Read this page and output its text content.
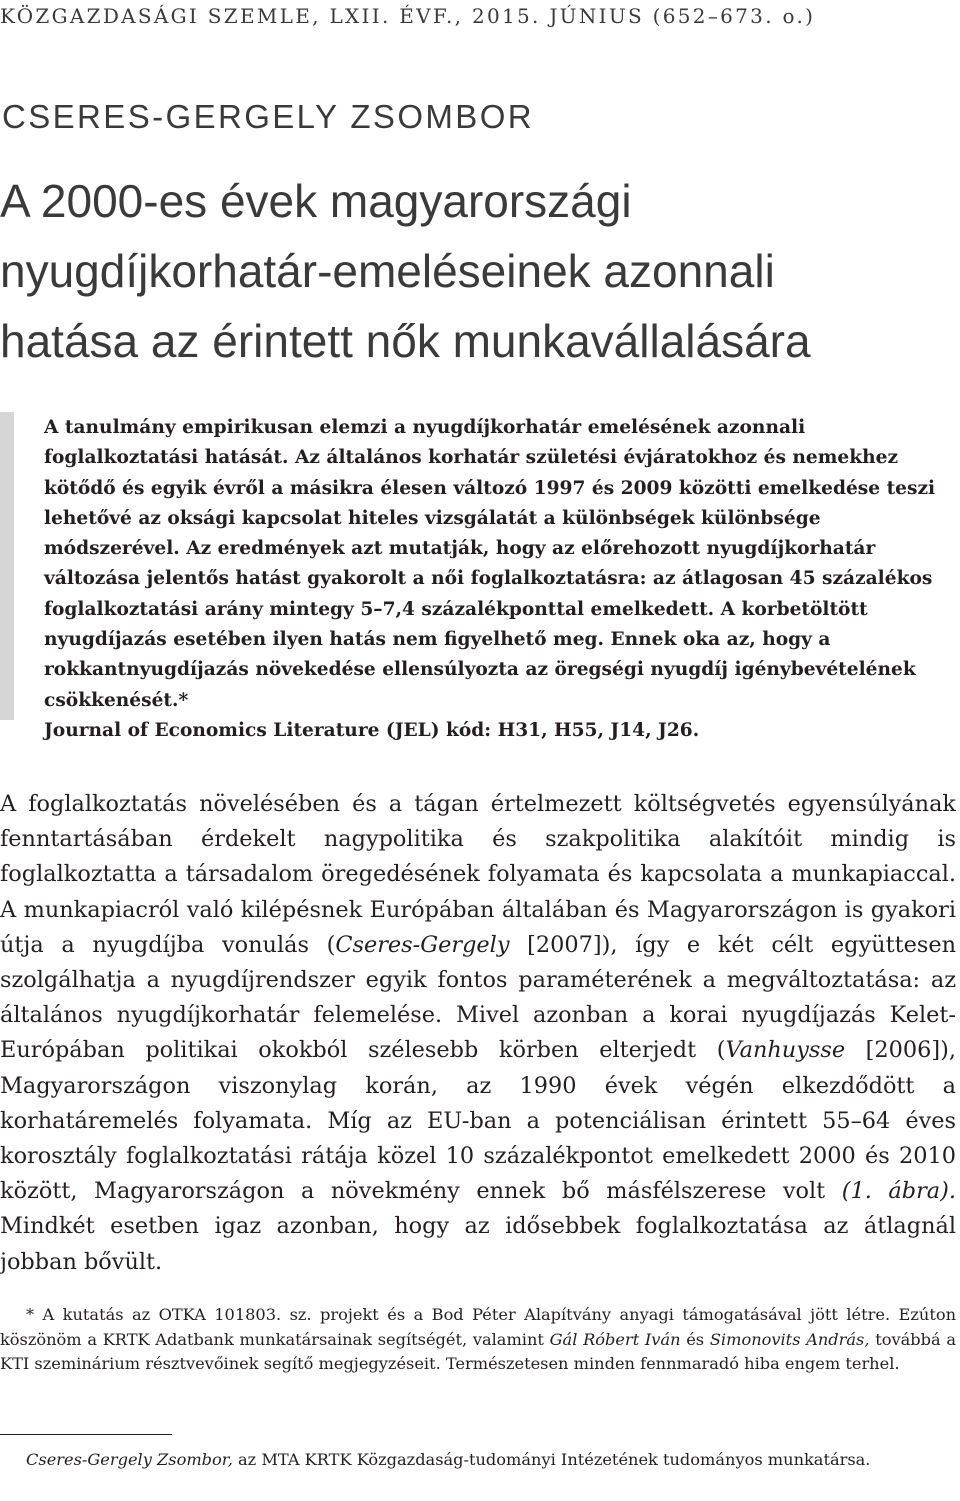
KÖZGAZDASÁGI SZEMLE, LXII. ÉVF., 2015. JÚNIUS (652–673. o.)
CSERES-GERGELY ZSOMBOR
A 2000-es évek magyarországi
nyugdíjkorhatár-emeléseinek azonnali
hatása az érintett nők munkavállalására
A tanulmány empirikusan elemzi a nyugdíjkorhatár emelésének azonnali foglalkoztatási hatását. Az általános korhatár születési évjáratokhoz és nemekhez kötődő és egyik évről a másikra élesen változó 1997 és 2009 közötti emelkedése teszi lehetővé az oksági kapcsolat hiteles vizsgálatát a különbségek különbsége módszerével. Az eredmények azt mutatják, hogy az előrehozott nyugdíjkorhatár változása jelentős hatást gyakorolt a női foglalkoztatásra: az átlagosan 45 százalékos foglalkoztatási arány mintegy 5–7,4 százalékponttal emelkedett. A korbetöltött nyugdíjazás esetében ilyen hatás nem figyelhető meg. Ennek oka az, hogy a rokkantnyugdíjazás növekedése ellensúlyozta az öregségi nyugdíj igénybevételének csökkenését.*
Journal of Economics Literature (JEL) kód: H31, H55, J14, J26.

A foglalkoztatás növelésében és a tágan értelmezett költségvetés egyensúlyának fenntartásában érdekelt nagypolitika és szakpolitika alakítóit mindig is foglalkoztatta a társadalom öregedésének folyamata és kapcsolata a munkapiaccal. A munkapiacról való kilépésnek Európában általában és Magyarországon is gyakori útja a nyugdíjba vonulás (Cseres-Gergely [2007]), így e két célt együttesen szolgálhatja a nyugdíjrendszer egyik fontos paraméterének a megváltoztatása: az általános nyugdíjkorhatár felemelése. Mivel azonban a korai nyugdíjazás Kelet-Európában politikai okokból szélesebb körben elterjedt (Vanhuysse [2006]), Magyarországon viszonylag korán, az 1990 évek végén elkezdődött a korhatáremelés folyamata. Míg az EU-ban a potenciálisan érintett 55–64 éves korosztály foglalkoztatási rátája közel 10 százalékpontot emelkedett 2000 és 2010 között, Magyarországon a növekmény ennek bő másfélszerese volt (1. ábra). Mindkét esetben igaz azonban, hogy az idősebbek foglalkoztatása az átlagnál jobban bővült.

* A kutatás az OTKA 101803. sz. projekt és a Bod Péter Alapítvány anyagi támogatásával jött létre. Ezúton köszönöm a KRTK Adatbank munkatársainak segítségét, valamint Gál Róbert Iván és Simonovits András, továbbá a KTI szeminárium résztvevőinek segítő megjegyzéseit. Természetesen minden fennmaradó hiba engem terhel.

Cseres-Gergely Zsombor, az MTA KRTK Közgazdaság-tudományi Intézetének tudományos munkatársa.
